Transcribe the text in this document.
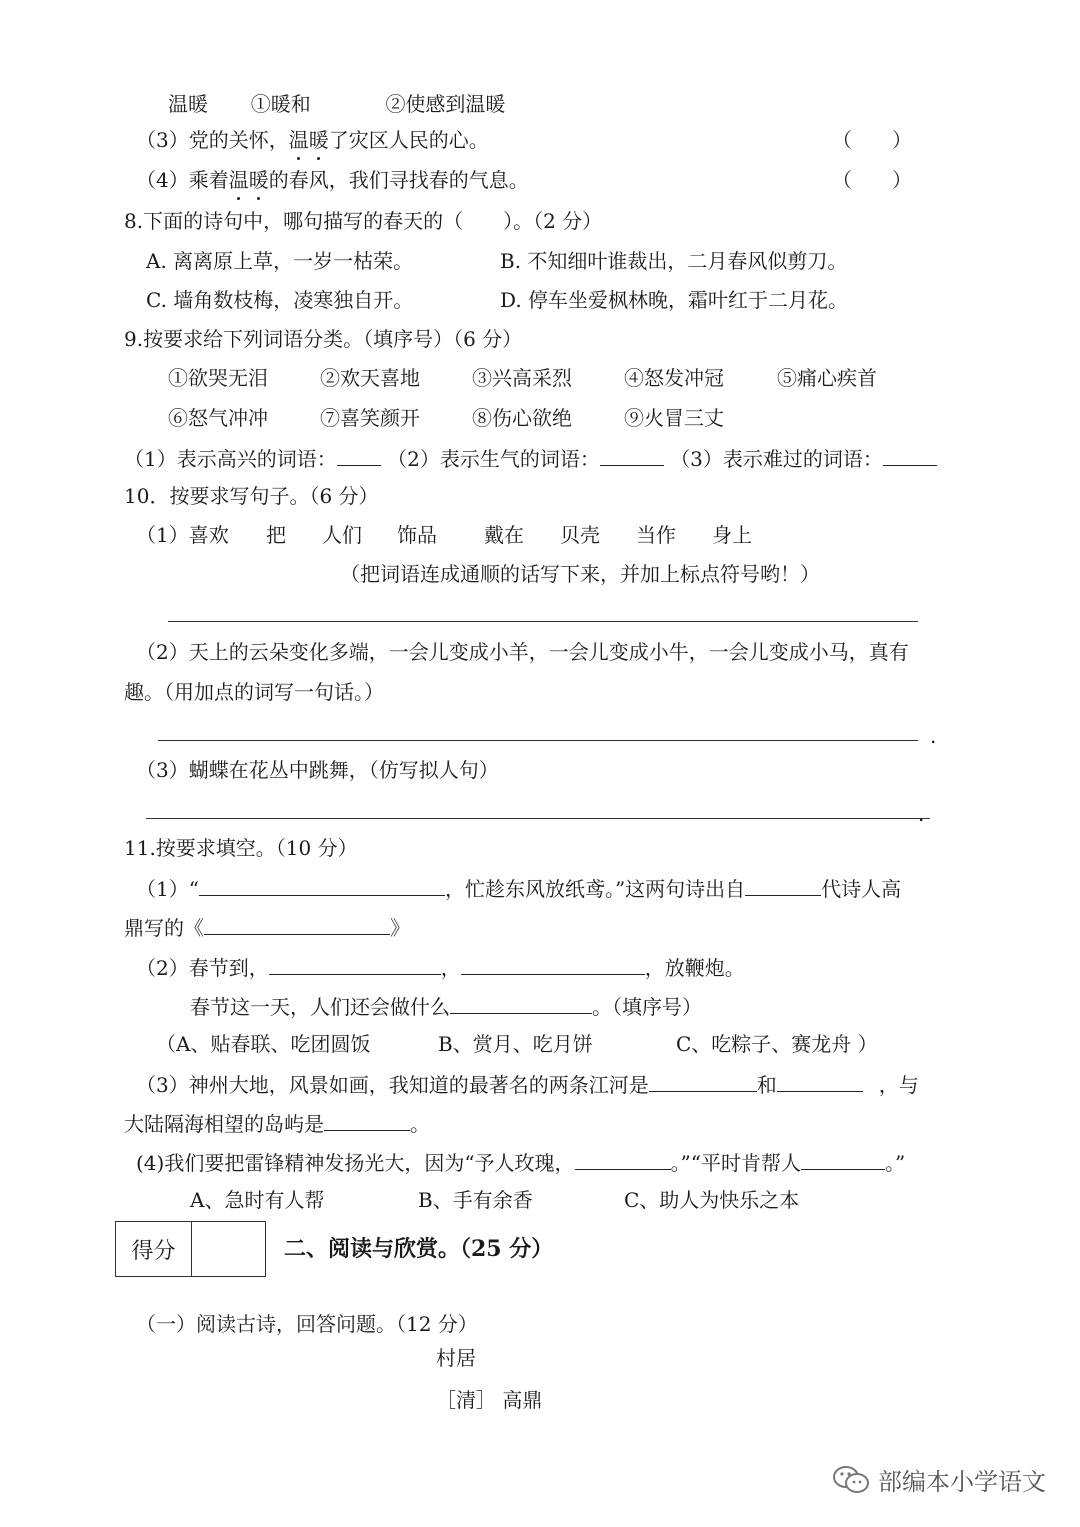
温暖 ①暖和	②使感到温暖
（3）党的关怀，温暖了灾区人民的心。	（　　）
（4）乘着温暖的春风，我们寻找春的气息。	（　　）
8.下面的诗句中，哪句描写的春天的（　　）。（2 分）
A. 离离原上草，一岁一枯荣。	B. 不知细叶谁裁出，二月春风似剪刀。
C. 墙角数枝梅，凌寒独自开。	D. 停车坐爱枫林晚，霜叶红于二月花。
9.按要求给下列词语分类。（填序号）（6 分）
①欲哭无泪	②欢天喜地	③兴高采烈	④怒发冲冠	⑤痛心疾首
⑥怒气冲冲	⑦喜笑颜开	⑧伤心欲绝	⑨火冒三丈
（1）表示高兴的词语：	（2）表示生气的词语：	（3）表示难过的词语：
10．按要求写句子。（6 分）
（1）喜欢 把 人们 饰品 戴在 贝壳 当作 身上
（把词语连成通顺的话写下来，并加上标点符号哟！）
（2）天上的云朵变化多端，一会儿变成小羊，一会儿变成小牛，一会儿变成小马，真有
趣。（用加点的词写一句话。）
.
（3）蝴蝶在花丛中跳舞，（仿写拟人句）
.
11.按要求填空。（10 分）
（1）“	，忙趁东风放纸鸢。”这两句诗出自	代诗人高
鼎写的《	》
（2）春节到，	，	，放鞭炮。
春节这一天，人们还会做什么	。（填序号）
（A、贴春联、吃团圆饭	B、赏月、吃月饼	C、吃粽子、赛龙舟 ）
（3）神州大地，风景如画，我知道的最著名的两条江河是	和	，与
大陆隔海相望的岛屿是	。
(4)我们要把雷锋精神发扬光大，因为“予人玫瑰，	。”“平时肯帮人	。”
A、急时有人帮	B、手有余香	C、助人为快乐之本
得分	二、阅读与欣赏。（25 分）
（一）阅读古诗，回答问题。（12 分）
村居
［清］ 高鼎
部编本小学语文
